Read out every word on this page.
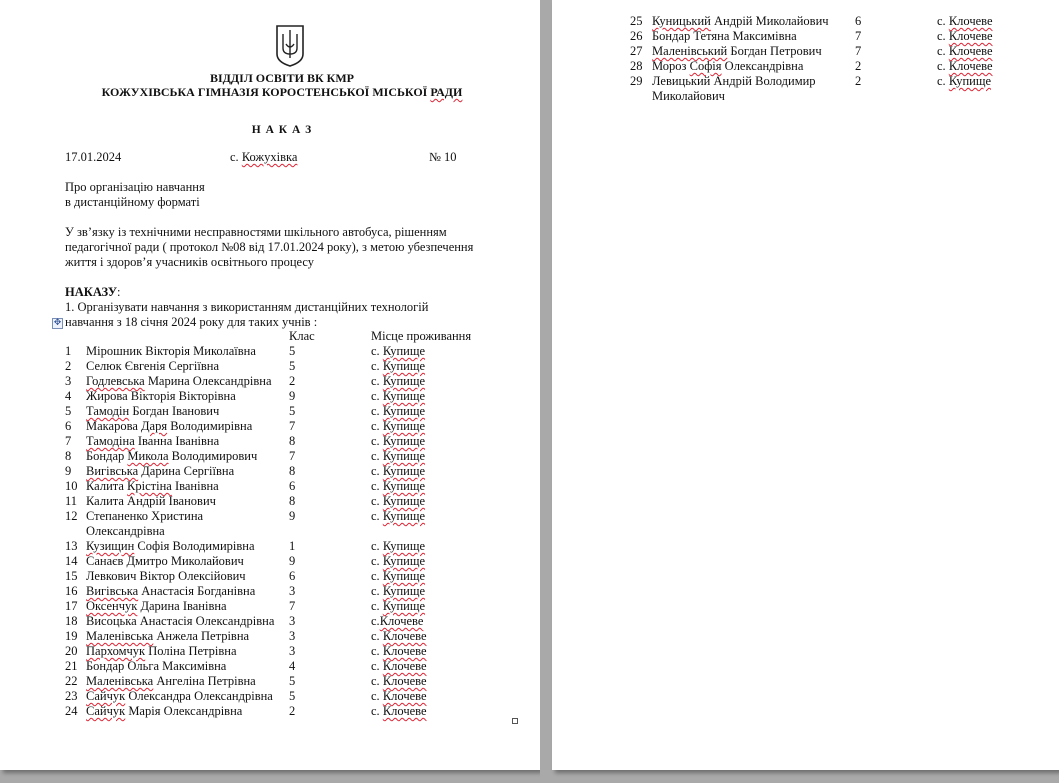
ВІДДІЛ ОСВІТИ ВК КМР
КОЖУХІВСЬКА ГІМНАЗІЯ КОРОСТЕНСЬКОЇ МІСЬКОЇ РАДИ
Н А К А З
17.01.2024	с. Кожухівка	№ 10
Про організацію навчання
в дистанційному форматі
У зв’язку із технічними несправностями шкільного автобуса, рішенням
педагогічної ради ( протокол №08 від 17.01.2024 року), з метою убезпечення
життя і здоров’я учасників освітнього процесу
НАКАЗУ:
1. Організувати навчання з використанням дистанційних технологій
навчання з 18 січня 2024 року для таких учнів :
✥
Клас	Місце проживання
1 Мірошник Вікторія Миколаївна	5	с. Купище
2 Селюк Євгенія Сергіївна	5	с. Купище
3 Годлевська Марина Олександрівна 2	с. Купище
4 Жирова Вікторія Вікторівна	9	с. Купище
5 Тамодін Богдан Іванович	5	с. Купище
6 Макарова Даря Володимирівна	7	с. Купище
7 Тамодіна Іванна Іванівна	8	с. Купище
8 Бондар Микола Володимирович	7	с. Купище
9 Вигівська Дарина Сергіївна	8	с. Купище
10 Калита Крістіна Іванівна	6	с. Купище
11 Калита Андрій Іванович	8	с. Купище
12 Степаненко Христина	9	с. Купище
Олександрівна
13 Кузищин Софія Володимирівна	1	с. Купище
14 Санаєв Дмитро Миколайович	9	с. Купище
15 Левкович Віктор Олексійович	6	с. Купище
16 Вигівська Анастасія Богданівна	3	с. Купище
17 Оксенчук Дарина Іванівна	7	с. Купище
18 Висоцька Анастасія Олександрівна 3	с.Клочеве
19 Маленівська Анжела Петрівна	3	с. Клочеве
20 Пархомчук Поліна Петрівна	3	с. Клочеве
21 Бондар Ольга Максимівна	4	с. Клочеве
22 Маленівська Ангеліна Петрівна	5	с. Клочеве
23 Сайчук Олександра Олександрівна 5	с. Клочеве
24 Сайчук Марія Олександрівна	2	с. Клочеве
25 Куницький Андрій Миколайович 6	с. Клочеве
26 Бондар Тетяна Максимівна	7	с. Клочеве
27 Маленівський Богдан Петрович	7	с. Клочеве
28 Мороз Софія Олександрівна	2	с. Клочеве
29 Левицький Андрій Володимир	2	с. Купище
Миколайович
